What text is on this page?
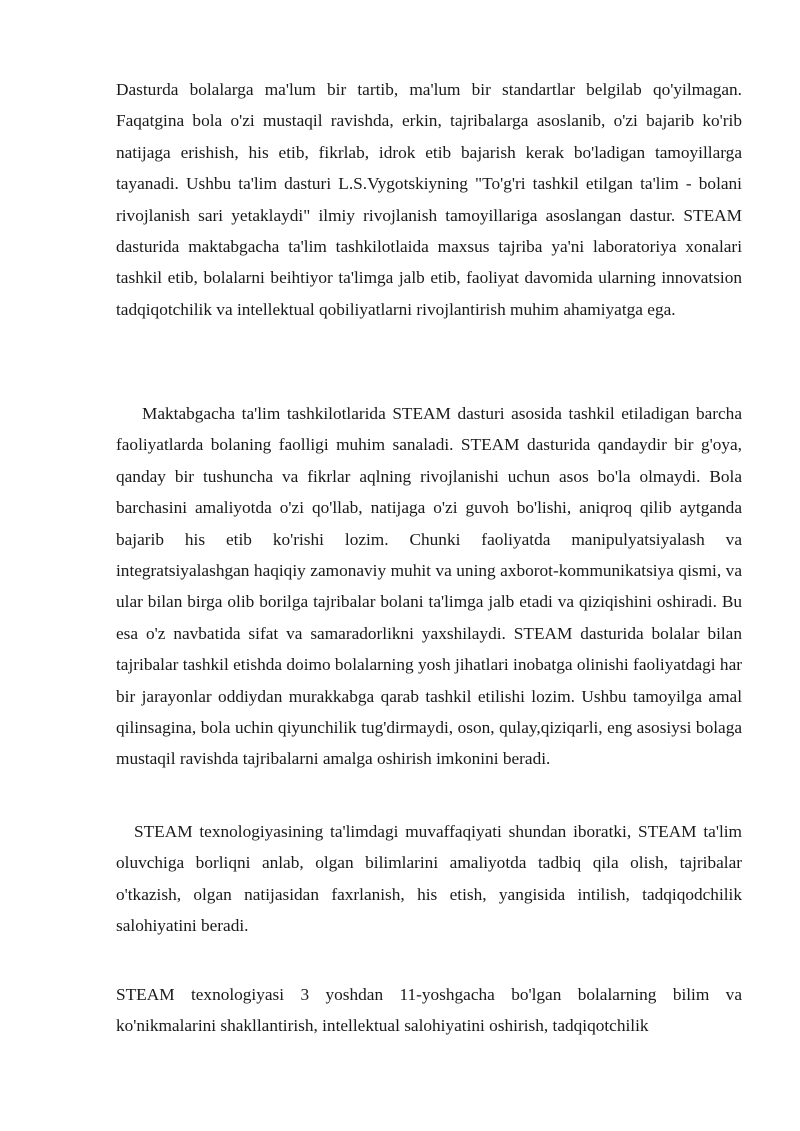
Dasturda bolalarga ma'lum bir tartib, ma'lum bir standartlar belgilab qo'yilmagan. Faqatgina bola o'zi mustaqil ravishda, erkin, tajribalarga asoslanib, o'zi bajarib ko'rib natijaga erishish, his etib, fikrlab, idrok etib bajarish kerak bo'ladigan tamoyillarga tayanadi. Ushbu ta'lim dasturi L.S.Vygotskiyning "To'g'ri tashkil etilgan ta'lim - bolani rivojlanish sari yetaklaydi" ilmiy rivojlanish tamoyillariga asoslangan dastur. STEAM dasturida maktabgacha ta'lim tashkilotlaida maxsus tajriba ya'ni laboratoriya xonalari tashkil etib, bolalarni beihtiyor ta'limga jalb etib, faoliyat davomida ularning innovatsion tadqiqotchilik va intellektual qobiliyatlarni rivojlantirish muhim ahamiyatga ega.

Maktabgacha ta'lim tashkilotlarida STEAM dasturi asosida tashkil etiladigan barcha faoliyatlarda bolaning faolligi muhim sanaladi. STEAM dasturida qandaydir bir g'oya, qanday bir tushuncha va fikrlar aqlning rivojlanishi uchun asos bo'la olmaydi. Bola barchasini amaliyotda o'zi qo'llab, natijaga o'zi guvoh bo'lishi, aniqroq qilib aytganda bajarib his etib ko'rishi lozim. Chunki faoliyatda manipulyatsiyalash va integratsiyalashgan haqiqiy zamonaviy muhit va uning axborot-kommunikatsiya qismi, va ular bilan birga olib borilga tajribalar bolani ta'limga jalb etadi va qiziqishini oshiradi. Bu esa o'z navbatida sifat va samaradorlikni yaxshilaydi. STEAM dasturida bolalar bilan tajribalar tashkil etishda doimo bolalarning yosh jihatlari inobatga olinishi faoliyatdagi har bir jarayonlar oddiydan murakkabga qarab tashkil etilishi lozim. Ushbu tamoyilga amal qilinsagina, bola uchin qiyunchilik tug'dirmaydi, oson, qulay,qiziqarli, eng asosiysi bolaga mustaqil ravishda tajribalarni amalga oshirish imkonini beradi.

STEAM texnologiyasining ta'limdagi muvaffaqiyati shundan iboratki, STEAM ta'lim oluvchiga borliqni anlab, olgan bilimlarini amaliyotda tadbiq qila olish, tajribalar o'tkazish, olgan natijasidan faxrlanish, his etish, yangisida intilish, tadqiqodchilik salohiyatini beradi.

STEAM texnologiyasi 3 yoshdan 11-yoshgacha bo'lgan bolalarning bilim va ko'nikmalarini shakllantirish, intellektual salohiyatini oshirish, tadqiqotchilik
